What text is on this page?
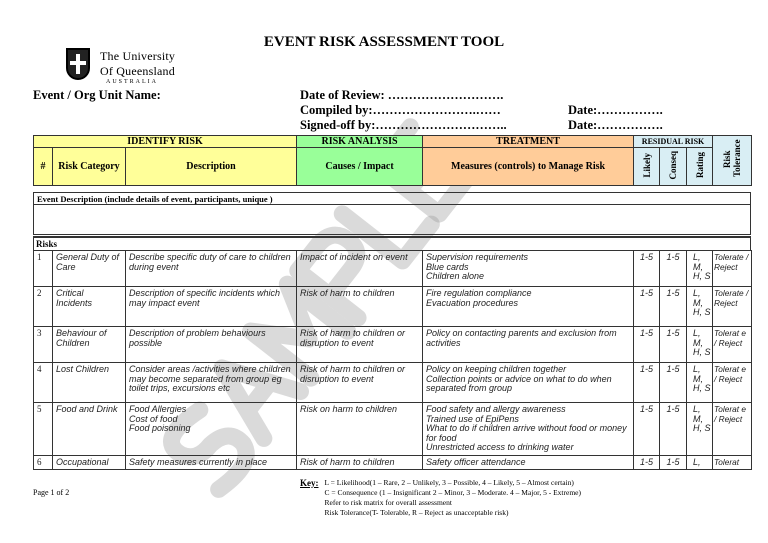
EVENT RISK ASSESSMENT TOOL
The University
Of Queensland
AUSTRALIA
Event / Org Unit Name:	Date of Review: ……………………….
Compiled by:…………………….……
Signed-off by:…………………………..
Date:…………….
Date:…………….
IDENTIFY RISK			RISK ANALYSIS	TREATMENT	RESIDUAL RISK			Risk Tolerance
#	Risk Category	Description	Causes / Impact	Measures (controls) to Manage Risk	Likely	Conseq	Rating	
Event Description (include details of event, participants, unique )

Risks
1	General Duty of Care	Describe specific duty of care to children during event	Impact of incident on event	Supervision requirements
Blue cards
Children alone	1-5	1-5	L, M, H, S	Tolerate / Reject
2	Critical Incidents	Description of specific incidents which may impact event	Risk of harm to children	Fire regulation compliance
Evacuation procedures	1-5	1-5	L, M, H, S	Tolerate / Reject
3	Behaviour of Children	Description of problem behaviours possible	Risk of harm to children or disruption to event	Policy on contacting parents and exclusion from activities	1-5	1-5	L, M, H, S	Tolerat e / Reject
4	Lost Children	Consider areas /activities where children may become separated from group eg toilet trips, excursions etc	Risk of harm to children or disruption to event	Policy on keeping children together
Collection points or advice on what to do when separated from group	1-5	1-5	L, M, H, S	Tolerat e / Reject
5	Food and Drink	Food Allergies
Cost of food
Food poisoning	Risk on harm to children	Food safety and allergy awareness
Trained use of EpiPens
What to do if children arrive without food or money for food
Unrestricted access to drinking water	1-5	1-5	L, M, H, S	Tolerat e / Reject
6	Occupational	Safety measures currently in place	Risk of harm to children	Safety officer attendance	1-5	1-5	L,	Tolerat
Page 1 of 2
Key: L = Likelihood(1 – Rare, 2 – Unlikely, 3 – Possible, 4 – Likely, 5 – Almost certain)
C = Consequence (1 – Insignificant 2 – Minor, 3 – Moderate. 4 – Major, 5 - Extreme)
Refer to risk matrix for overall assessment
Risk Tolerance(T- Tolerable, R – Reject as unacceptable risk)
